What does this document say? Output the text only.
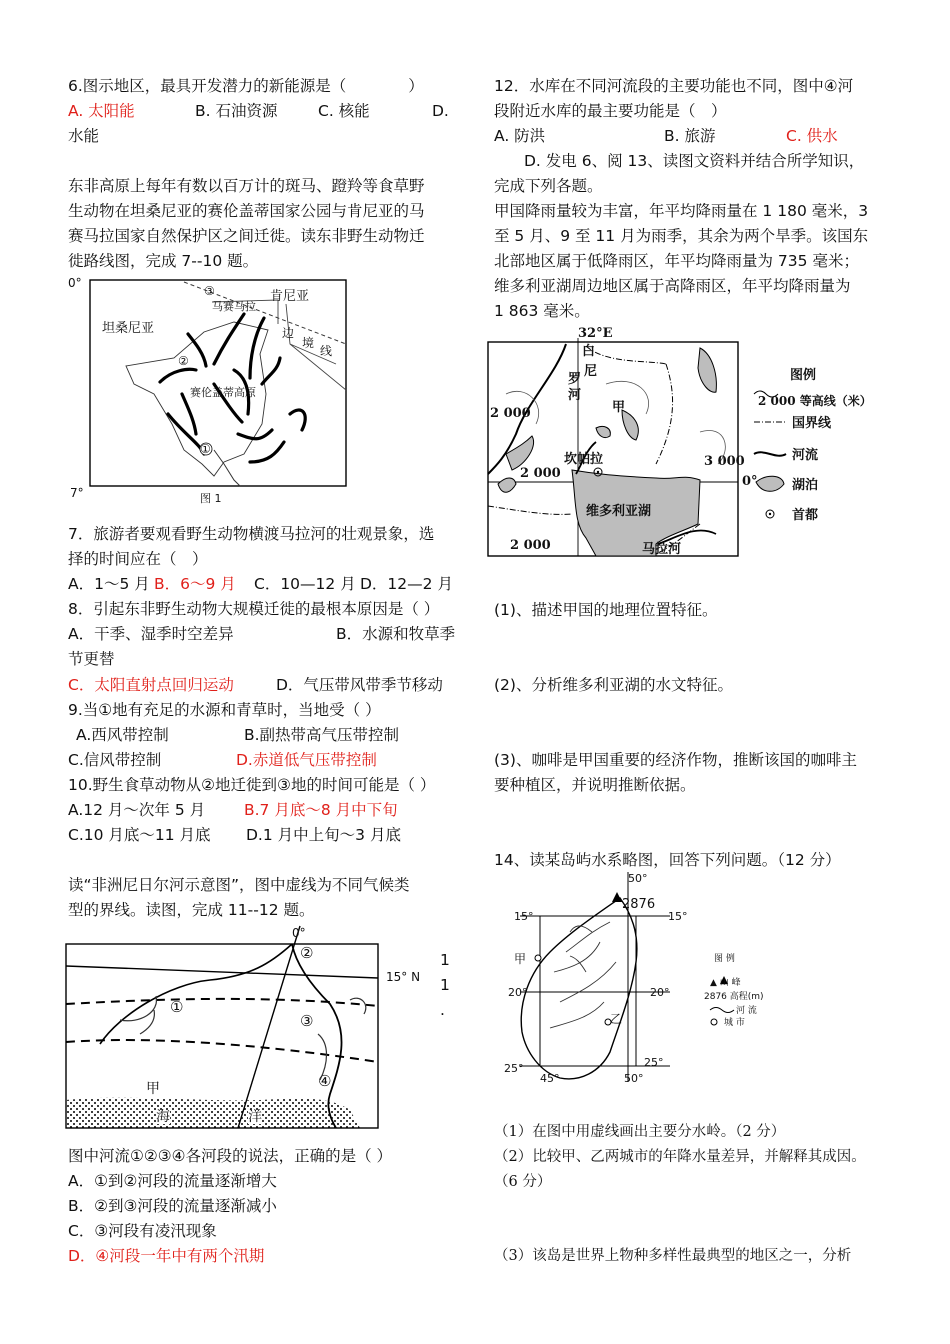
6.图示地区，最具开发潜力的新能源是（　　　　）
A. 太阳能	B. 石油资源	C. 核能	D.
水能
东非高原上每年有数以百万计的斑马、蹬羚等食草野
生动物在坦桑尼亚的赛伦盖蒂国家公园与肯尼亚的马
赛马拉国家自然保护区之间迁徙。读东非野生动物迁
徙路线图，完成 7--10 题。
0°
7°
肯尼亚
坦桑尼亚
马赛马拉
边
境
线
赛伦盖蒂高原
①
②
③
图 1
7．旅游者要观看野生动物横渡马拉河的壮观景象，选
择的时间应在（　）
A．1～5 月 B．6～9 月 C．10—12 月 D．12—2 月
8．引起东非野生动物大规模迁徙的最根本原因是（ ）
A．干季、湿季时空差异	B．水源和牧草季
节更替
C．太阳直射点回归运动	D．气压带风带季节移动
9.当①地有充足的水源和青草时，当地受（ ）
A.西风带控制	B.副热带高气压带控制
C.信风带控制	D.赤道低气压带控制
10.野生食草动物从②地迁徙到③地的时间可能是（ ）
A.12 月～次年 5 月	B.7 月底～8 月中下旬
C.10 月底～11 月底 D.1 月中上旬～3 月底
读“非洲尼日尔河示意图”，图中虚线为不同气候类
型的界线。读图，完成 11--12 题。
0°
15° N
①
②
③
④
甲
海	洋
1
1
.
图中河流①②③④各河段的说法，正确的是（ ）
A．①到②河段的流量逐渐增大
B．②到③河段的流量逐渐减小
C．③河段有凌汛现象
D．④河段一年中有两个汛期
12．水库在不同河流段的主要功能也不同，图中④河
段附近水库的最主要功能是（　）
A. 防洪	B. 旅游	C. 供水
D. 发电 6、阅 13、读图文资料并结合所学知识，
完成下列各题。
甲国降雨量较为丰富，年平均降雨量在 1 180 毫米，3
至 5 月、9 至 11 月为雨季，其余为两个旱季。该国东
北部地区属于低降雨区，年平均降雨量为 735 毫米；
维多利亚湖周边地区属于高降雨区，年平均降雨量为
1 863 毫米。
32°E
白
尼
罗
河
甲
坎帕拉
维多利亚湖
马拉河
2 000
2 000
2 000
3 000
0°
图例
2 000 等高线（米）
国界线
河流
湖泊
首都
(1)、描述甲国的地理位置特征。
(2)、分析维多利亚湖的水文特征。
(3)、咖啡是甲国重要的经济作物，推断该国的咖啡主
要种植区，并说明推断依据。
14、读某岛屿水系略图，回答下列问题。（12 分）
50°
2876
15°	15°
20°	20°
25°	25°
45°	50°
甲
乙
图 例
▲ 山 峰
2876 高程(m)
河 流
城 市
（1）在图中用虚线画出主要分水岭。（2 分）
（2）比较甲、乙两城市的年降水量差异，并解释其成因。
（6 分）
（3）该岛是世界上物种多样性最典型的地区之一，分析
